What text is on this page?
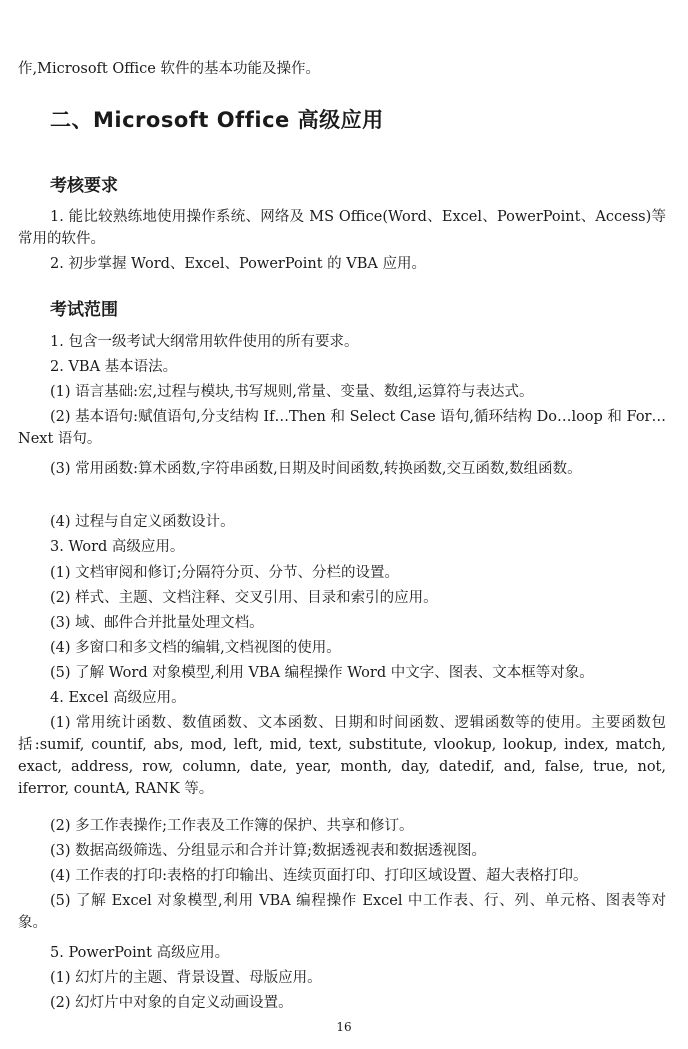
作,Microsoft Office 软件的基本功能及操作。

二、Microsoft Office 高级应用
考核要求

1. 能比较熟练地使用操作系统、网络及 MS Office(Word、Excel、PowerPoint、Access)等常用的软件。

2. 初步掌握 Word、Excel、PowerPoint 的 VBA 应用。

考试范围

1. 包含一级考试大纲常用软件使用的所有要求。

2. VBA 基本语法。

(1) 语言基础:宏,过程与模块,书写规则,常量、变量、数组,运算符与表达式。

(2) 基本语句:赋值语句,分支结构 If…Then 和 Select Case 语句,循环结构 Do…loop 和 For…Next 语句。

(3) 常用函数:算术函数,字符串函数,日期及时间函数,转换函数,交互函数,数组函数。

(4) 过程与自定义函数设计。

3. Word 高级应用。

(1) 文档审阅和修订;分隔符分页、分节、分栏的设置。

(2) 样式、主题、文档注释、交叉引用、目录和索引的应用。

(3) 域、邮件合并批量处理文档。

(4) 多窗口和多文档的编辑,文档视图的使用。

(5) 了解 Word 对象模型,利用 VBA 编程操作 Word 中文字、图表、文本框等对象。

4. Excel 高级应用。

(1) 常用统计函数、数值函数、文本函数、日期和时间函数、逻辑函数等的使用。主要函数包括:sumif, countif, abs, mod, left, mid, text, substitute, vlookup, lookup, index, match, exact, address, row, column, date, year, month, day, datedif, and, false, true, not, iferror, countA, RANK 等。

(2) 多工作表操作;工作表及工作簿的保护、共享和修订。

(3) 数据高级筛选、分组显示和合并计算;数据透视表和数据透视图。

(4) 工作表的打印:表格的打印输出、连续页面打印、打印区域设置、超大表格打印。

(5) 了解 Excel 对象模型,利用 VBA 编程操作 Excel 中工作表、行、列、单元格、图表等对象。

5. PowerPoint 高级应用。

(1) 幻灯片的主题、背景设置、母版应用。

(2) 幻灯片中对象的自定义动画设置。

16
